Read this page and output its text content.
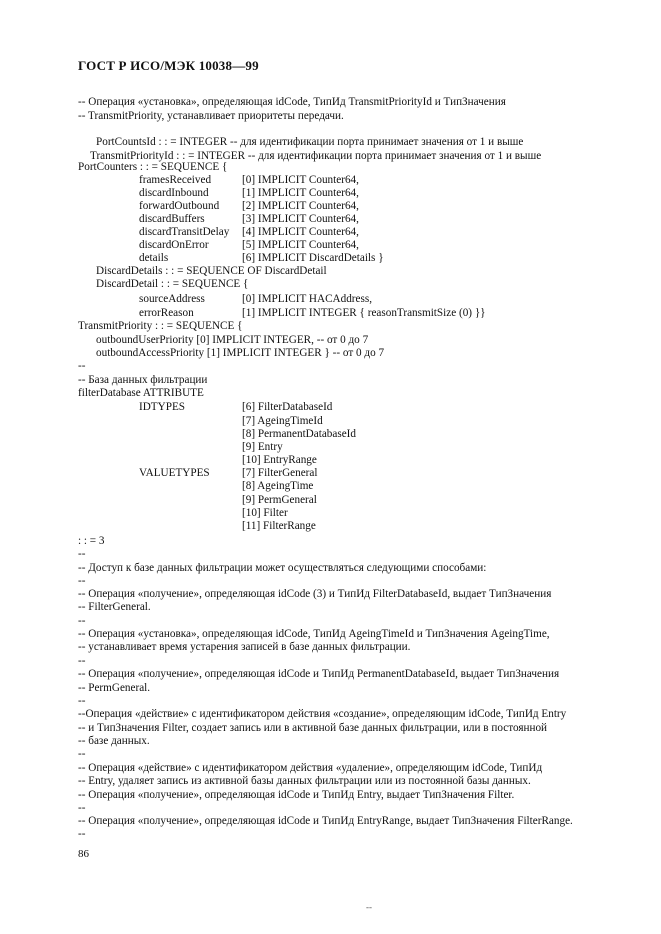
ГОСТ Р ИСО/МЭК 10038—99
-- Операция «установка», определяющая idCode, ТипИд TransmitPriorityId и ТипЗначения
-- TransmitPriority, устанавливает приоритеты передачи.
PortCountsId : : = INTEGER -- для идентификации порта принимает значения от 1 и выше
TransmitPriorityId : : = INTEGER -- для идентификации порта принимает значения от 1 и выше
PortCounters : : = SEQUENCE {
framesReceived	[0] IMPLICIT Counter64,
discardInbound	[1] IMPLICIT Counter64,
forwardOutbound [2] IMPLICIT Counter64,
discardBuffers	[3] IMPLICIT Counter64,
discardTransitDelay [4] IMPLICIT Counter64,
discardOnError	[5] IMPLICIT Counter64,
details	[6] IMPLICIT DiscardDetails }
DiscardDetails : : = SEQUENCE OF DiscardDetail
DiscardDetail : : = SEQUENCE {
sourceAddress	[0] IMPLICIT HACAddress,
errorReason	[1] IMPLICIT INTEGER { reasonTransmitSize (0) }}
TransmitPriority : : = SEQUENCE {
outboundUserPriority [0] IMPLICIT INTEGER, -- от 0 до 7
outboundAccessPriority [1] IMPLICIT INTEGER } -- от 0 до 7
--
-- База данных фильтрации
filterDatabase ATTRIBUTE
IDTYPES	[6] FilterDatabaseId
[7] AgeingTimeId
[8] PermanentDatabaseId
[9] Entry
[10] EntryRange
VALUETYPES	[7] FilterGeneral
[8] AgeingTime
[9] PermGeneral
[10] Filter
[11] FilterRange
: : = 3
--
-- Доступ к базе данных фильтрации может осуществляться следующими способами:
--
-- Операция «получение», определяющая idCode (3) и ТипИд FilterDatabaseId, выдает ТипЗначения
-- FilterGeneral.
--
-- Операция «установка», определяющая idCode, ТипИд AgeingTimeId и ТипЗначения AgeingTime,
-- устанавливает время устарения записей в базе данных фильтрации.
--
-- Операция «получение», определяющая idCode и ТипИд PermanentDatabaseId, выдает ТипЗначения
-- PermGeneral.
--
--Операция «действие» с идентификатором действия «создание», определяющим idCode, ТипИд Entry
-- и ТипЗначения Filter, создает запись или в активной базе данных фильтрации, или в постоянной
-- базе данных.
--
-- Операция «действие» с идентификатором действия «удаление», определяющим idCode, ТипИд
-- Entry, удаляет запись из активной базы данных фильтрации или из постоянной базы данных.
-- Операция «получение», определяющая idCode и ТипИд Entry, выдает ТипЗначения Filter.
--
-- Операция «получение», определяющая idCode и ТипИд EntryRange, выдает ТипЗначения FilterRange.
--
86
--
